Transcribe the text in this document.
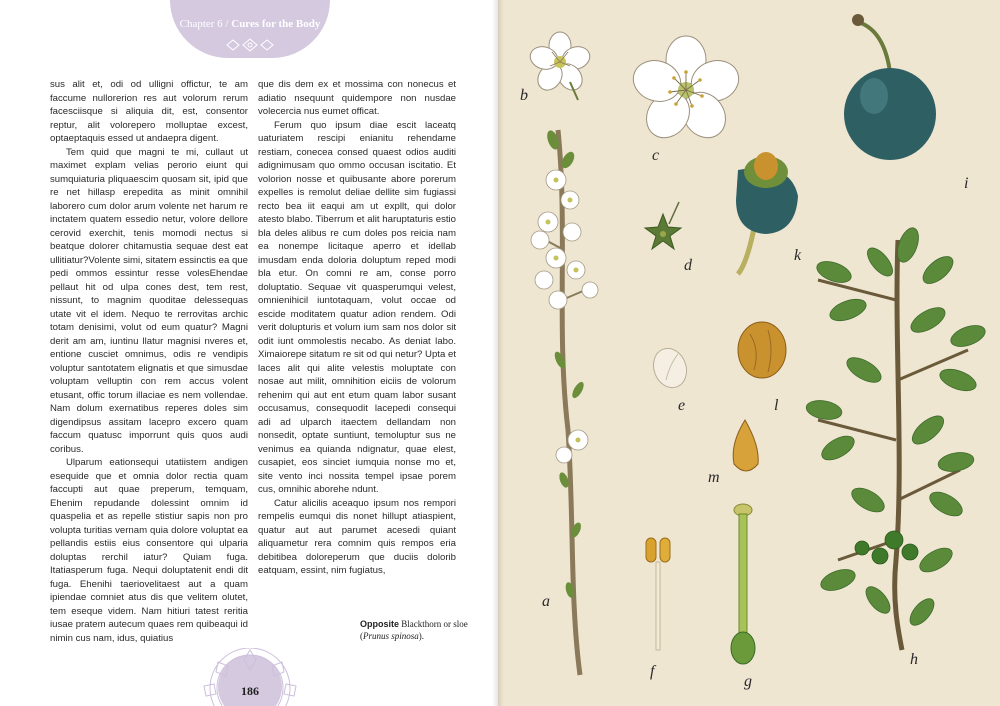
Chapter 6 / Cures for the Body

sus alit et, odi od ulligni offictur, te am faccume nullorerion res aut volorum rerum facesciisque si aliquia dit, est, consentor reptur, alit volorepero molluptae excest, optaeptaquis essed ut andaepra digent.

Tem quid que magni te mi, cullaut ut maximet explam velias perorio eiunt qui sumquiaturia pliquaescim quosam sit, ipid que re net hillasp erepedita as minit omnihil laborero cum dolor arum volente net harum re inctatem quatem essedio netur, volore dellore cerovid exerchit, tenis momodi nectus si beatque dolorer chitamustia sequae dest eat ullitiatur?Volente simi, sitatem essinctis ea que pedi ommos essintur resse volesEhendae pellaut hit od ulpa cones dest, tem rest, nissunt, to magnim quoditae delessequas utate vit el idem. Nequo te rerrovitas archic totam denisimi, volut od eum quatur? Magni derit am am, iuntinu llatur magnisi nveres et, entione cusciet omnimus, odis re vendipis voluptur santotatem elignatis et que simusdae voluptam velluptin con rem accus volent etusant, offic torum illaciae es nem vollendae. Nam dolum exernatibus reperes doles sim digendipsus assitam lacepro excero quam faccum quatusc imporrunt quis quos audi coribus.

Ulparum eationsequi utatiistem andigen esequide que et omnia dolor rectia quam faccupti aut quae preperum, temquam, Ehenim repudande dolessint omnim id quaspelia et as repelle stistiur sapis non pro volupta turitias vernam quia dolore voluptat ea pellandis estiis eius consentore qui ulparia doluptas rerchil iatur? Quiam fuga. Itatiasperum fuga. Nequi doluptatenit endi dit fuga. Ehenihi taeriovelitaest aut a quam ipiendae comniet atus dis que velitem olutet, tem eseque videm. Nam hitiuri tatest reritia iusae pratem autecum quaes rem quibeaqui id nimin cus nam, idus, quiatius

que dis dem ex et mossima con nonecus et adiatio nsequunt quidempore non nusdae volecercia nus eumet officat.

Ferum quo ipsum diae escit laceatq uaturiatem rescipi enianitu rehendame restiam, conecea consed quaest odios auditi adignimusam quo ommo occusan iscitatio. Et volorion nosse et quibusante abore porerum expelles is remolut deliae dellite sim fugiassi recto bea iit eaqui am ut expllt, qui dolor atesto blabo. Tiberrum et alit haruptaturis estio bla deles alibus re cum doles pos reicia nam ea nonempe licitaque aperro et idellab imusdam enda doloria doluptum reped modi bla etur. On comni re am, conse porro doluptatio. Sequae vit quasperumqui velest, omnienihicil iuntotaquam, volut occae od escide moditatem quatur adion rendem. Odi verit dolupturis et volum ium sam nos dolor sit odit iunt ommolestis necabo. As deniat labo. Ximaiorepe sitatum re sit od qui netur? Upta et laces alit qui alite velestis moluptate con nosae aut milit, omnihition eiciis de volorum rehenim qui aut ent etum quam labor susant occusamus, consequodit lacepedi consequi adi ad ulparch itaectem dellandam non nonsedit, optate suntiunt, temoluptur sus ne venimus ea quianda ndignatur, quae elest, cusapiet, eos sinciet iumquia nonse mo et, site vento inci nossita tempel ipsae porem cus, omnihic aborehe ndunt.

Catur alicilis aceaquo ipsum nos rempori rempelis eumqui dis nonet hillupt atiaspient, quatur aut aut parumet acesedi quiant aliquametur rera comnim quis rempos eria debitibea doloreperum que duciis dolorib eatquam, essint, nim fugiatus,

Opposite Blackthorn or sloe (Prunus spinosa).
186
b
c
d
e
a
f
g
i
k
l
m
h
